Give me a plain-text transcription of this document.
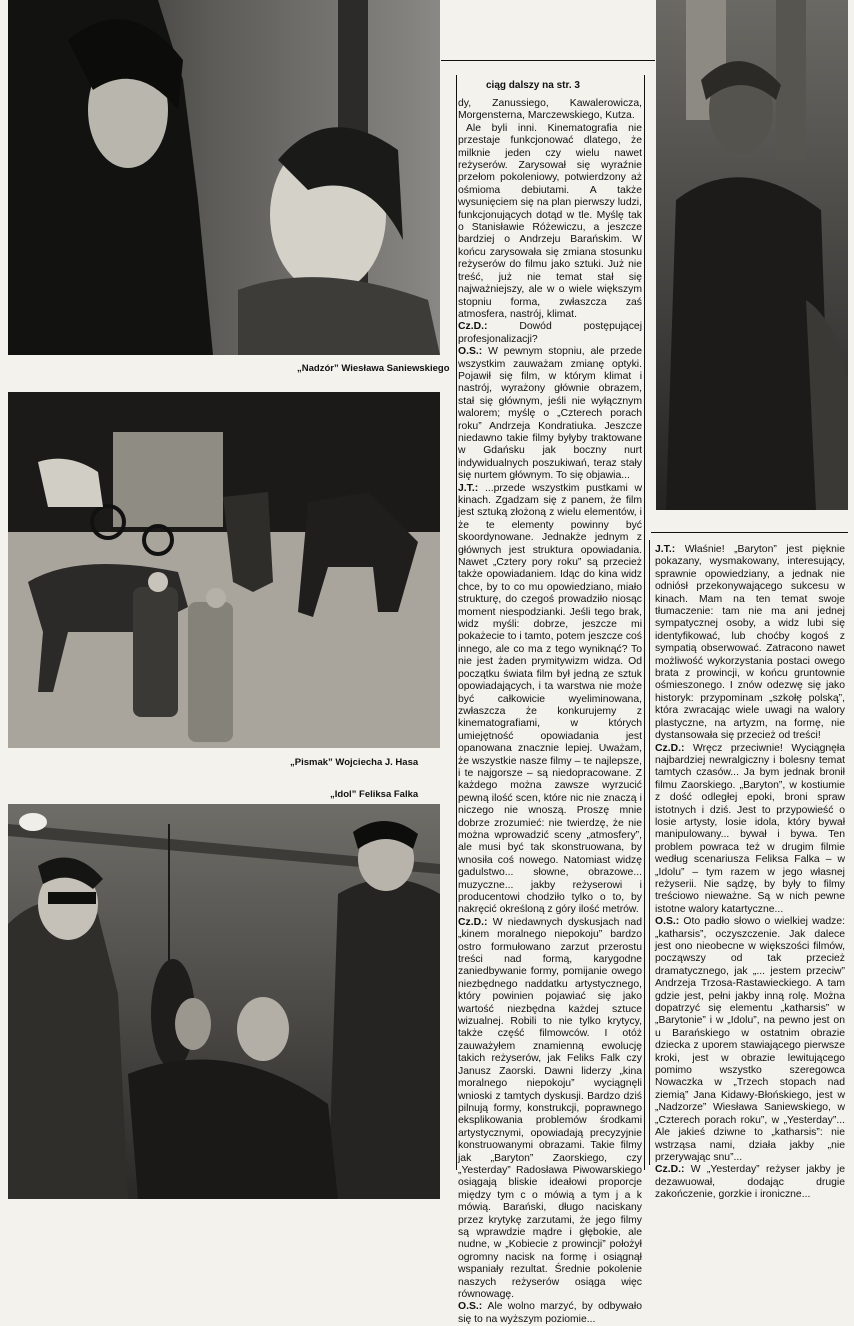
„Nadzór” Wiesława Saniewskiego
„Pismak” Wojciecha J. Hasa
„Idol” Feliksa Falka
ciąg dalszy na str. 3

dy, Zanussiego, Kawalerowicza, Morgensterna, Marczewskiego, Kutza.

Ale byli inni. Kinematografia nie przestaje funkcjonować dlatego, że milknie jeden czy wielu nawet reżyserów. Zarysował się wyraźnie przełom pokoleniowy, potwierdzony aż ośmioma debiutami. A także wysunięciem się na plan pierwszy ludzi, funkcjonujących dotąd w tle. Myślę tak o Stanisławie Różewiczu, a jeszcze bardziej o Andrzeju Barańskim. W końcu zarysowała się zmiana stosunku reżyserów do filmu jako sztuki. Już nie treść, już nie temat stał się najważniejszy, ale w o wiele większym stopniu forma, zwłaszcza zaś atmosfera, nastrój, klimat.

Cz.D.: Dowód postępującej profesjonalizacji?

O.S.: W pewnym stopniu, ale przede wszystkim zauważam zmianę optyki. Pojawił się film, w którym klimat i nastrój, wyrażony głównie obrazem, stał się głównym, jeśli nie wyłącznym walorem; myślę o „Czterech porach roku” Andrzeja Kondratiuka. Jeszcze niedawno takie filmy byłyby traktowane w Gdańsku jak boczny nurt indywidualnych poszukiwań, teraz stały się nurtem głównym. To się objawia...

J.T.: ...przede wszystkim pustkami w kinach. Zgadzam się z panem, że film jest sztuką złożoną z wielu elementów, i że te elementy powinny być skoordynowane. Jednakże jednym z głównych jest struktura opowiadania. Nawet „Cztery pory roku” są przecież także opowiadaniem. Idąc do kina widz chce, by to co mu opowiedziano, miało strukturę, do czegoś prowadziło niosąc moment niespodzianki. Jeśli tego brak, widz myśli: dobrze, jeszcze mi pokażecie to i tamto, potem jeszcze coś innego, ale co ma z tego wyniknąć? To nie jest żaden prymitywizm widza. Od początku świata film był jedną ze sztuk opowiadających, i ta warstwa nie może być całkowicie wyeliminowana, zwłaszcza że konkurujemy z kinematografiami, w których umiejętność opowiadania jest opanowana znacznie lepiej. Uważam, że wszystkie nasze filmy – te najlepsze, i te najgorsze – są niedopracowane. Z każdego można zawsze wyrzucić pewną ilość scen, które nic nie znaczą i niczego nie wnoszą. Proszę mnie dobrze zrozumieć: nie twierdzę, że nie można wprowadzić sceny „atmosfery”, ale musi być tak skonstruowana, by wnosiła coś nowego. Natomiast widzę gadulstwo... słowne, obrazowe... muzyczne... jakby reżyserowi i producentowi chodziło tylko o to, by nakręcić określoną z góry ilość metrów.

Cz.D.: W niedawnych dyskusjach nad „kinem moralnego niepokoju” bardzo ostro formułowano zarzut przerostu treści nad formą, karygodne zaniedbywanie formy, pomijanie owego niezbędnego naddatku artystycznego, który powinien pojawiać się jako wartość niezbędna każdej sztuce wizualnej. Robili to nie tylko krytycy, także część filmowców. I otóż zauważyłem znamienną ewolucję takich reżyserów, jak Feliks Falk czy Janusz Zaorski. Dawni liderzy „kina moralnego niepokoju” wyciągnęli wnioski z tamtych dyskusji. Bardzo dziś pilnują formy, konstrukcji, poprawnego eksplikowania problemów środkami artystycznymi, opowiadają precyzyjnie konstruowanymi obrazami. Takie filmy jak „Baryton” Zaorskiego, czy „Yesterday” Radosława Piwowarskiego osiągają bliskie ideałowi proporcje między tym c o mówią a tym j a k mówią. Barański, długo naciskany przez krytykę zarzutami, że jego filmy są wprawdzie mądre i głębokie, ale nudne, w „Kobiecie z prowincji” położył ogromny nacisk na formę i osiągnął wspaniały rezultat. Średnie pokolenie naszych reżyserów osiąga więc równowagę.

O.S.: Ale wolno marzyć, by odbywało się to na wyższym poziomie...

J.T.: Właśnie! „Baryton” jest pięknie pokazany, wysmakowany, interesujący, sprawnie opowiedziany, a jednak nie odniósł przekonywającego sukcesu w kinach. Mam na ten temat swoje tłumaczenie: tam nie ma ani jednej sympatycznej osoby, a widz lubi się identyfikować, lub choćby kogoś z sympatią obserwować. Zatracono nawet możliwość wykorzystania postaci owego brata z prowincji, w końcu gruntownie ośmieszonego. I znów odezwę się jako historyk: przypominam „szkołę polską”, która zwracając wiele uwagi na walory plastyczne, na artyzm, na formę, nie dystansowała się przecież od treści!

Cz.D.: Wręcz przeciwnie! Wyciągnęła najbardziej newralgiczny i bolesny temat tamtych czasów... Ja bym jednak bronił filmu Zaorskiego. „Baryton”, w kostiumie z dość odległej epoki, broni spraw istotnych i dziś. Jest to przypowieść o losie artysty, losie idola, który bywał manipulowany... bywał i bywa. Ten problem powraca też w drugim filmie według scenariusza Feliksa Falka – w „Idolu” – tym razem w jego własnej reżyserii. Nie sądzę, by były to filmy treściowo nieważne. Są w nich pewne istotne walory katartyczne...

O.S.: Oto padło słowo o wielkiej wadze: „katharsis”, oczyszczenie. Jak dalece jest ono nieobecne w większości filmów, począwszy od tak przecież dramatycznego, jak „... jestem przeciw” Andrzeja Trzosa-Rastawieckiego. A tam gdzie jest, pełni jakby inną rolę. Można dopatrzyć się elementu „katharsis” w „Barytonie” i w „Idolu”, na pewno jest on u Barańskiego w ostatnim obrazie dziecka z uporem stawiającego pierwsze kroki, jest w obrazie lewitującego pomimo wszystko szeregowca Nowaczka w „Trzech stopach nad ziemią” Jana Kidawy-Błońskiego, jest w „Nadzorze” Wiesława Saniewskiego, w „Czterech porach roku”, w „Yesterday”... Ale jakieś dziwne to „katharsis”: nie wstrząsa nami, działa jakby „nie przerywając snu”...

Cz.D.: W „Yesterday” reżyser jakby je dezawuował, dodając drugie zakończenie, gorzkie i ironiczne...
